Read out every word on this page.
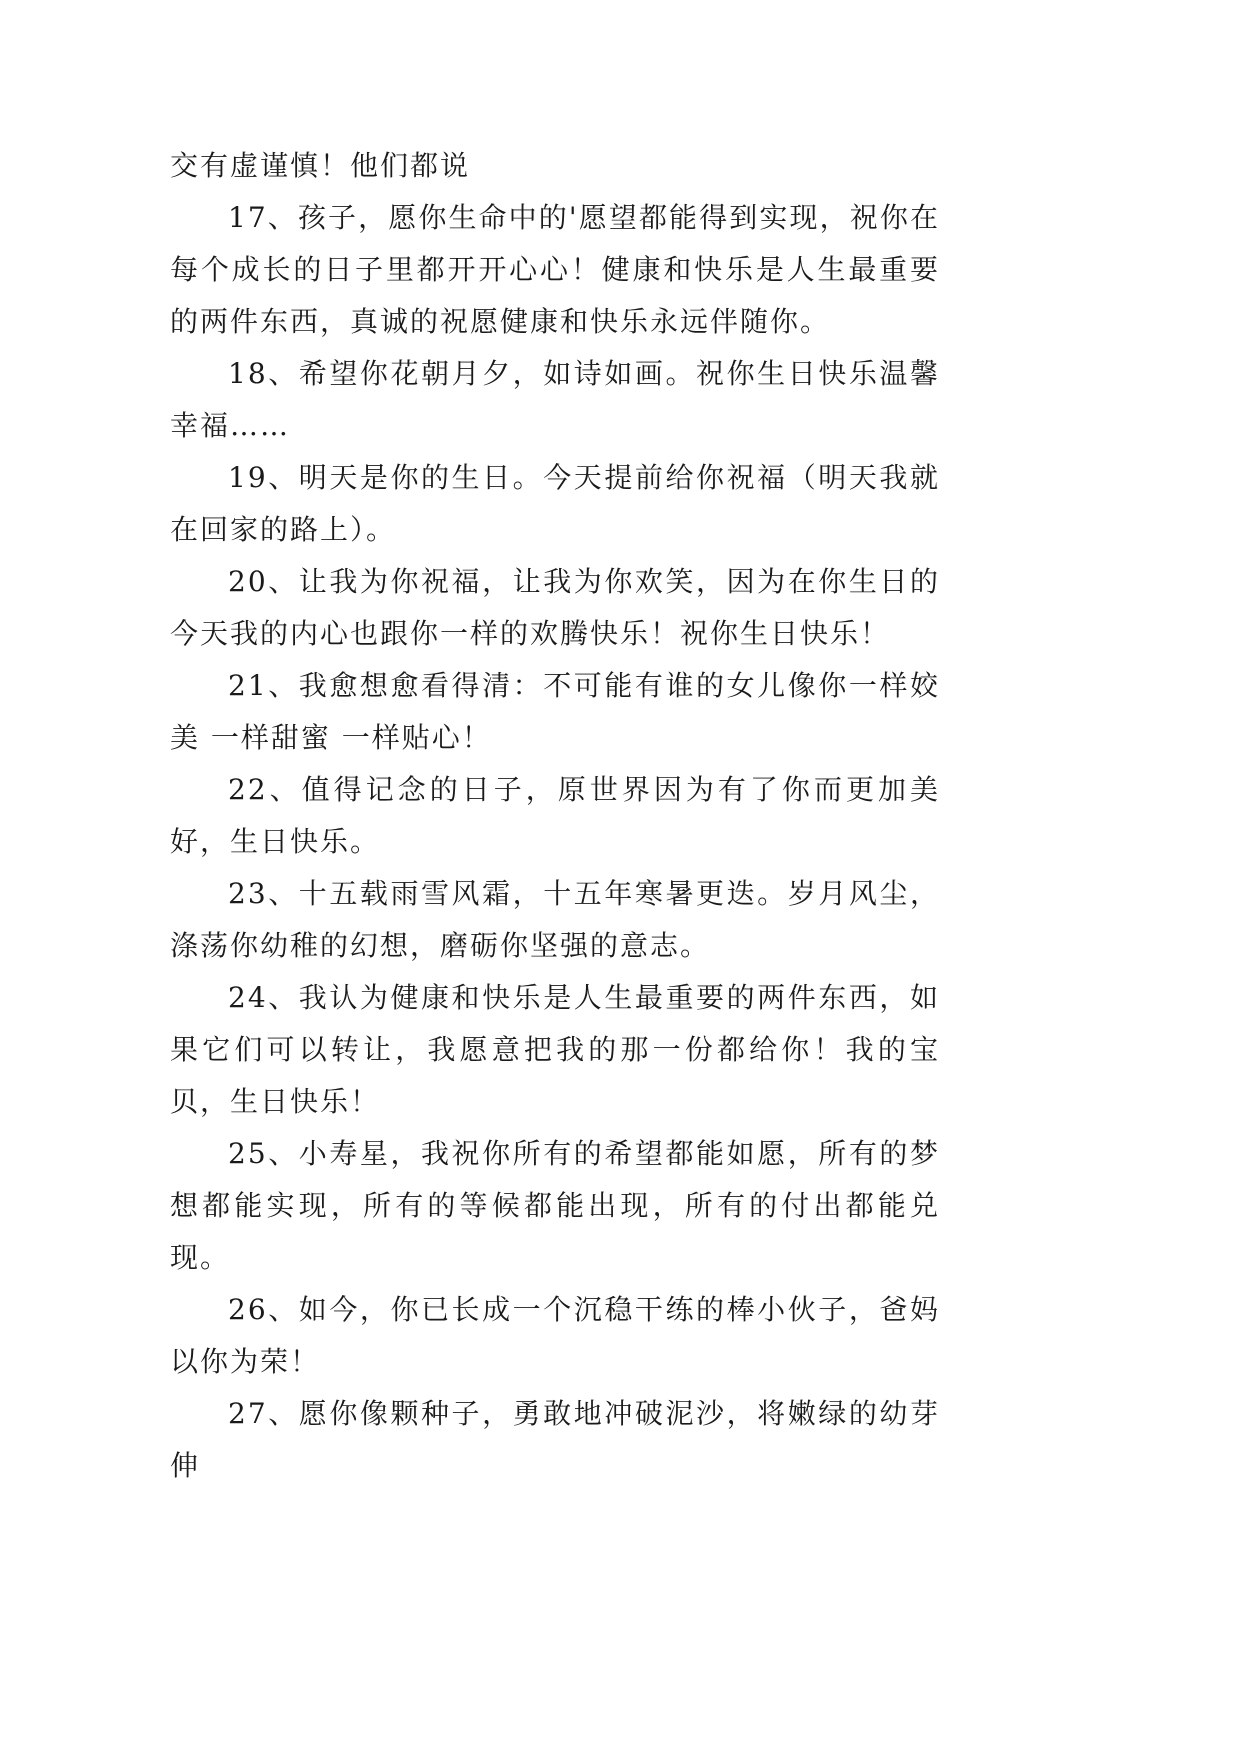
交有虚谨慎！他们都说

17、孩子，愿你生命中的'愿望都能得到实现，祝你在每个成长的日子里都开开心心！健康和快乐是人生最重要的两件东西，真诚的祝愿健康和快乐永远伴随你。

18、希望你花朝月夕，如诗如画。祝你生日快乐温馨幸福……

19、明天是你的生日。今天提前给你祝福（明天我就在回家的路上）。

20、让我为你祝福，让我为你欢笑，因为在你生日的今天我的内心也跟你一样的欢腾快乐！祝你生日快乐！

21、我愈想愈看得清：不可能有谁的女儿像你一样姣美 一样甜蜜 一样贴心！

22、值得记念的日子，原世界因为有了你而更加美好，生日快乐。

23、十五载雨雪风霜，十五年寒暑更迭。岁月风尘，涤荡你幼稚的幻想，磨砺你坚强的意志。

24、我认为健康和快乐是人生最重要的两件东西，如果它们可以转让，我愿意把我的那一份都给你！我的宝贝，生日快乐！

25、小寿星，我祝你所有的希望都能如愿，所有的梦想都能实现，所有的等候都能出现，所有的付出都能兑现。

26、如今，你已长成一个沉稳干练的棒小伙子，爸妈以你为荣！

27、愿你像颗种子，勇敢地冲破泥沙，将嫩绿的幼芽伸
